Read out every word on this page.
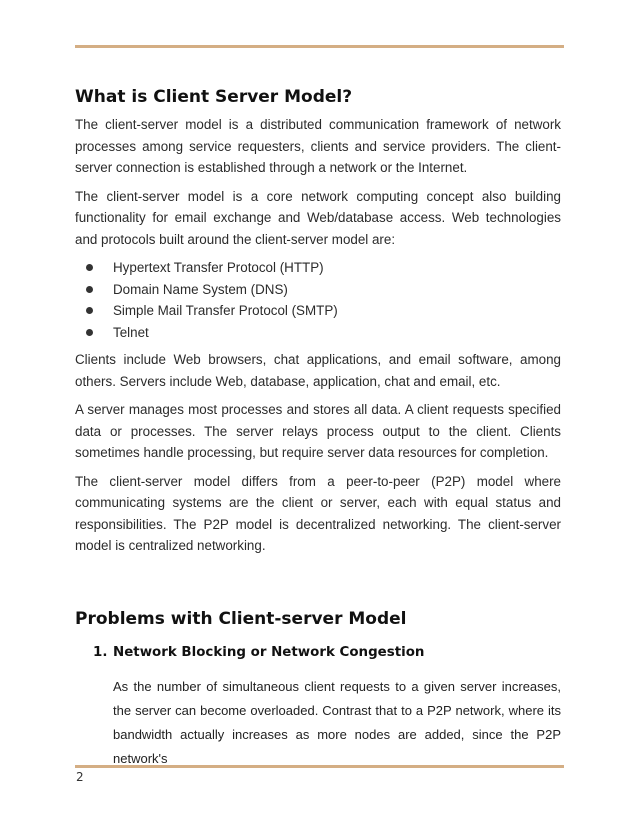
What is Client Server Model?

The client-server model is a distributed communication framework of network processes among service requesters, clients and service providers. The client-server connection is established through a network or the Internet.

The client-server model is a core network computing concept also building functionality for email exchange and Web/database access. Web technologies and protocols built around the client-server model are:

Hypertext Transfer Protocol (HTTP)
Domain Name System (DNS)
Simple Mail Transfer Protocol (SMTP)
Telnet

Clients include Web browsers, chat applications, and email software, among others. Servers include Web, database, application, chat and email, etc.

A server manages most processes and stores all data. A client requests specified data or processes. The server relays process output to the client. Clients sometimes handle processing, but require server data resources for completion.

The client-server model differs from a peer-to-peer (P2P) model where communicating systems are the client or server, each with equal status and responsibilities. The P2P model is decentralized networking. The client-server model is centralized networking.

Problems with Client-server Model
1. Network Blocking or Network Congestion

As the number of simultaneous client requests to a given server increases, the server can become overloaded. Contrast that to a P2P network, where its bandwidth actually increases as more nodes are added, since the P2P network's

2
